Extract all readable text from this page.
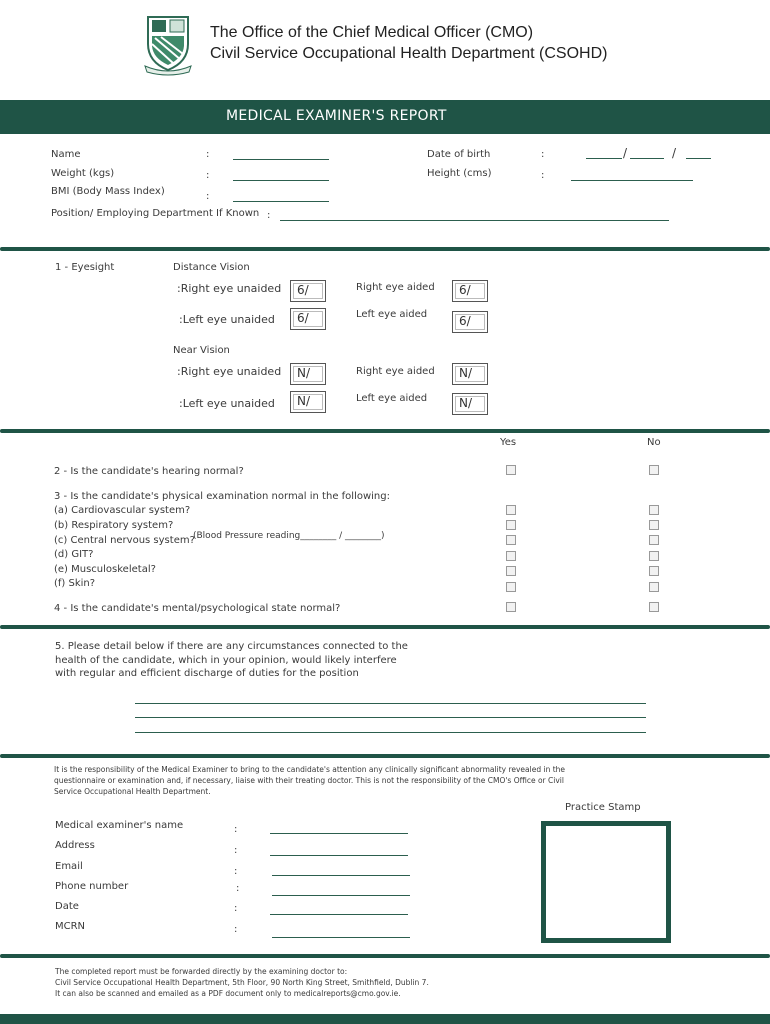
The Office of the Chief Medical Officer (CMO)
Civil Service Occupational Health Department (CSOHD)
MEDICAL EXAMINER'S REPORT
Name	:
Weight (kgs)	:
BMI (Body Mass Index)	:
Date of birth	:	/	/
Height (cms)	:
Position/ Employing Department If Known :
1 - Eyesight	Distance Vision
:Right eye unaided	6/	Right eye aided	6/
:Left eye unaided	6/	Left eye aided	6/
Near Vision
:Right eye unaided	N/	Right eye aided	N/
:Left eye unaided	N/	Left eye aided	N/
Yes	No
2 - Is the candidate's hearing normal?
3 - Is the candidate's physical examination normal in the following:
(a) Cardiovascular system?
(b) Respiratory system?
(c) Central nervous system?
(Blood Pressure reading________ / ________)
(d) GIT?
(e) Musculoskeletal?
(f) Skin?
4 - Is the candidate's mental/psychological state normal?
5. Please detail below if there are any circumstances connected to the
health of the candidate, which in your opinion, would likely interfere
with regular and efficient discharge of duties for the position
It is the responsibility of the Medical Examiner to bring to the candidate's attention any clinically significant abnormality revealed in the
questionnaire or examination and, if necessary, liaise with their treating doctor. This is not the responsibility of the CMO's Office or Civil
Service Occupational Health Department.
Practice Stamp
Medical examiner's name	:
Address	:
Email	:
Phone number	:
Date	:
MCRN	:
The completed report must be forwarded directly by the examining doctor to:
Civil Service Occupational Health Department, 5th Floor, 90 North King Street, Smithfield, Dublin 7.
It can also be scanned and emailed as a PDF document only to medicalreports@cmo.gov.ie.
